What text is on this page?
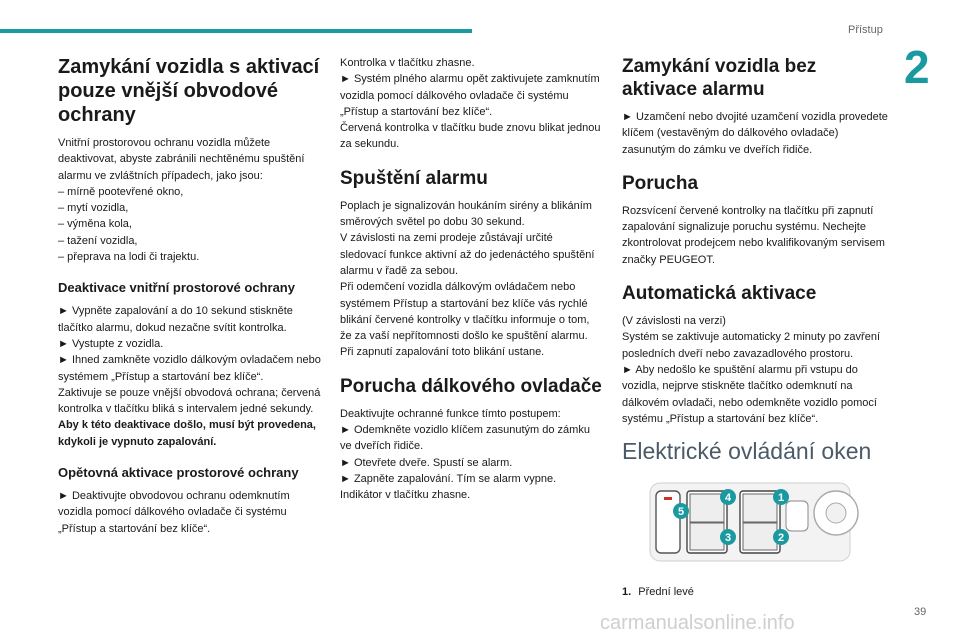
Přístup
2
Zamykání vozidla s aktivací pouze vnější obvodové ochrany

Vnitřní prostorovou ochranu vozidla můžete deaktivovat, abyste zabránili nechtěnému spuštění alarmu ve zvláštních případech, jako jsou:

– mírně pootevřené okno,

– mytí vozidla,

– výměna kola,

– tažení vozidla,

– přeprava na lodi či trajektu.

Deaktivace vnitřní prostorové ochrany

► Vypněte zapalování a do 10 sekund stiskněte tlačítko alarmu, dokud nezačne svítit kontrolka.

► Vystupte z vozidla.

► Ihned zamkněte vozidlo dálkovým ovladačem nebo systémem „Přístup a startování bez klíče“.

Zaktivuje se pouze vnější obvodová ochrana; červená kontrolka v tlačítku bliká s intervalem jedné sekundy.

Aby k této deaktivace došlo, musí být provedena, kdykoli je vypnuto zapalování.

Opětovná aktivace prostorové ochrany

► Deaktivujte obvodovou ochranu odemknutím vozidla pomocí dálkového ovladače či systému „Přístup a startování bez klíče“.

Kontrolka v tlačítku zhasne.

► Systém plného alarmu opět zaktivujete zamknutím vozidla pomocí dálkového ovladače či systému „Přístup a startování bez klíče“.

Červená kontrolka v tlačítku bude znovu blikat jednou za sekundu.

Spuštění alarmu

Poplach je signalizován houkáním sirény a blikáním směrových světel po dobu 30 sekund.

V závislosti na zemi prodeje zůstávají určité sledovací funkce aktivní až do jedenáctého spuštění alarmu v řadě za sebou.

Při odemčení vozidla dálkovým ovládačem nebo systémem Přístup a startování bez klíče vás rychlé blikání červené kontrolky v tlačítku informuje o tom, že za vaší nepřítomnosti došlo ke spuštění alarmu. Při zapnutí zapalování toto blikání ustane.

Porucha dálkového ovladače

Deaktivujte ochranné funkce tímto postupem:

► Odemkněte vozidlo klíčem zasunutým do zámku ve dveřích řidiče.

► Otevřete dveře. Spustí se alarm.

► Zapněte zapalování. Tím se alarm vypne.

Indikátor v tlačítku zhasne.

Zamykání vozidla bez aktivace alarmu

► Uzamčení nebo dvojité uzamčení vozidla provedete klíčem (vestavěným do dálkového ovladače) zasunutým do zámku ve dveřích řidiče.

Porucha

Rozsvícení červené kontrolky na tlačítku při zapnutí zapalování signalizuje poruchu systému. Nechejte zkontrolovat prodejcem nebo kvalifikovaným servisem značky PEUGEOT.

Automatická aktivace

(V závislosti na verzi)

Systém se zaktivuje automaticky 2 minuty po zavření posledních dveří nebo zavazadlového prostoru.

► Aby nedošlo ke spuštění alarmu při vstupu do vozidla, nejprve stiskněte tlačítko odemknutí na dálkovém ovladači, nebo odemkněte vozidlo pomocí systému „Přístup a startování bez klíče“.

Elektrické ovládání oken
5
4
3
1
2

1. Přední levé

39
carmanualsonline.info
